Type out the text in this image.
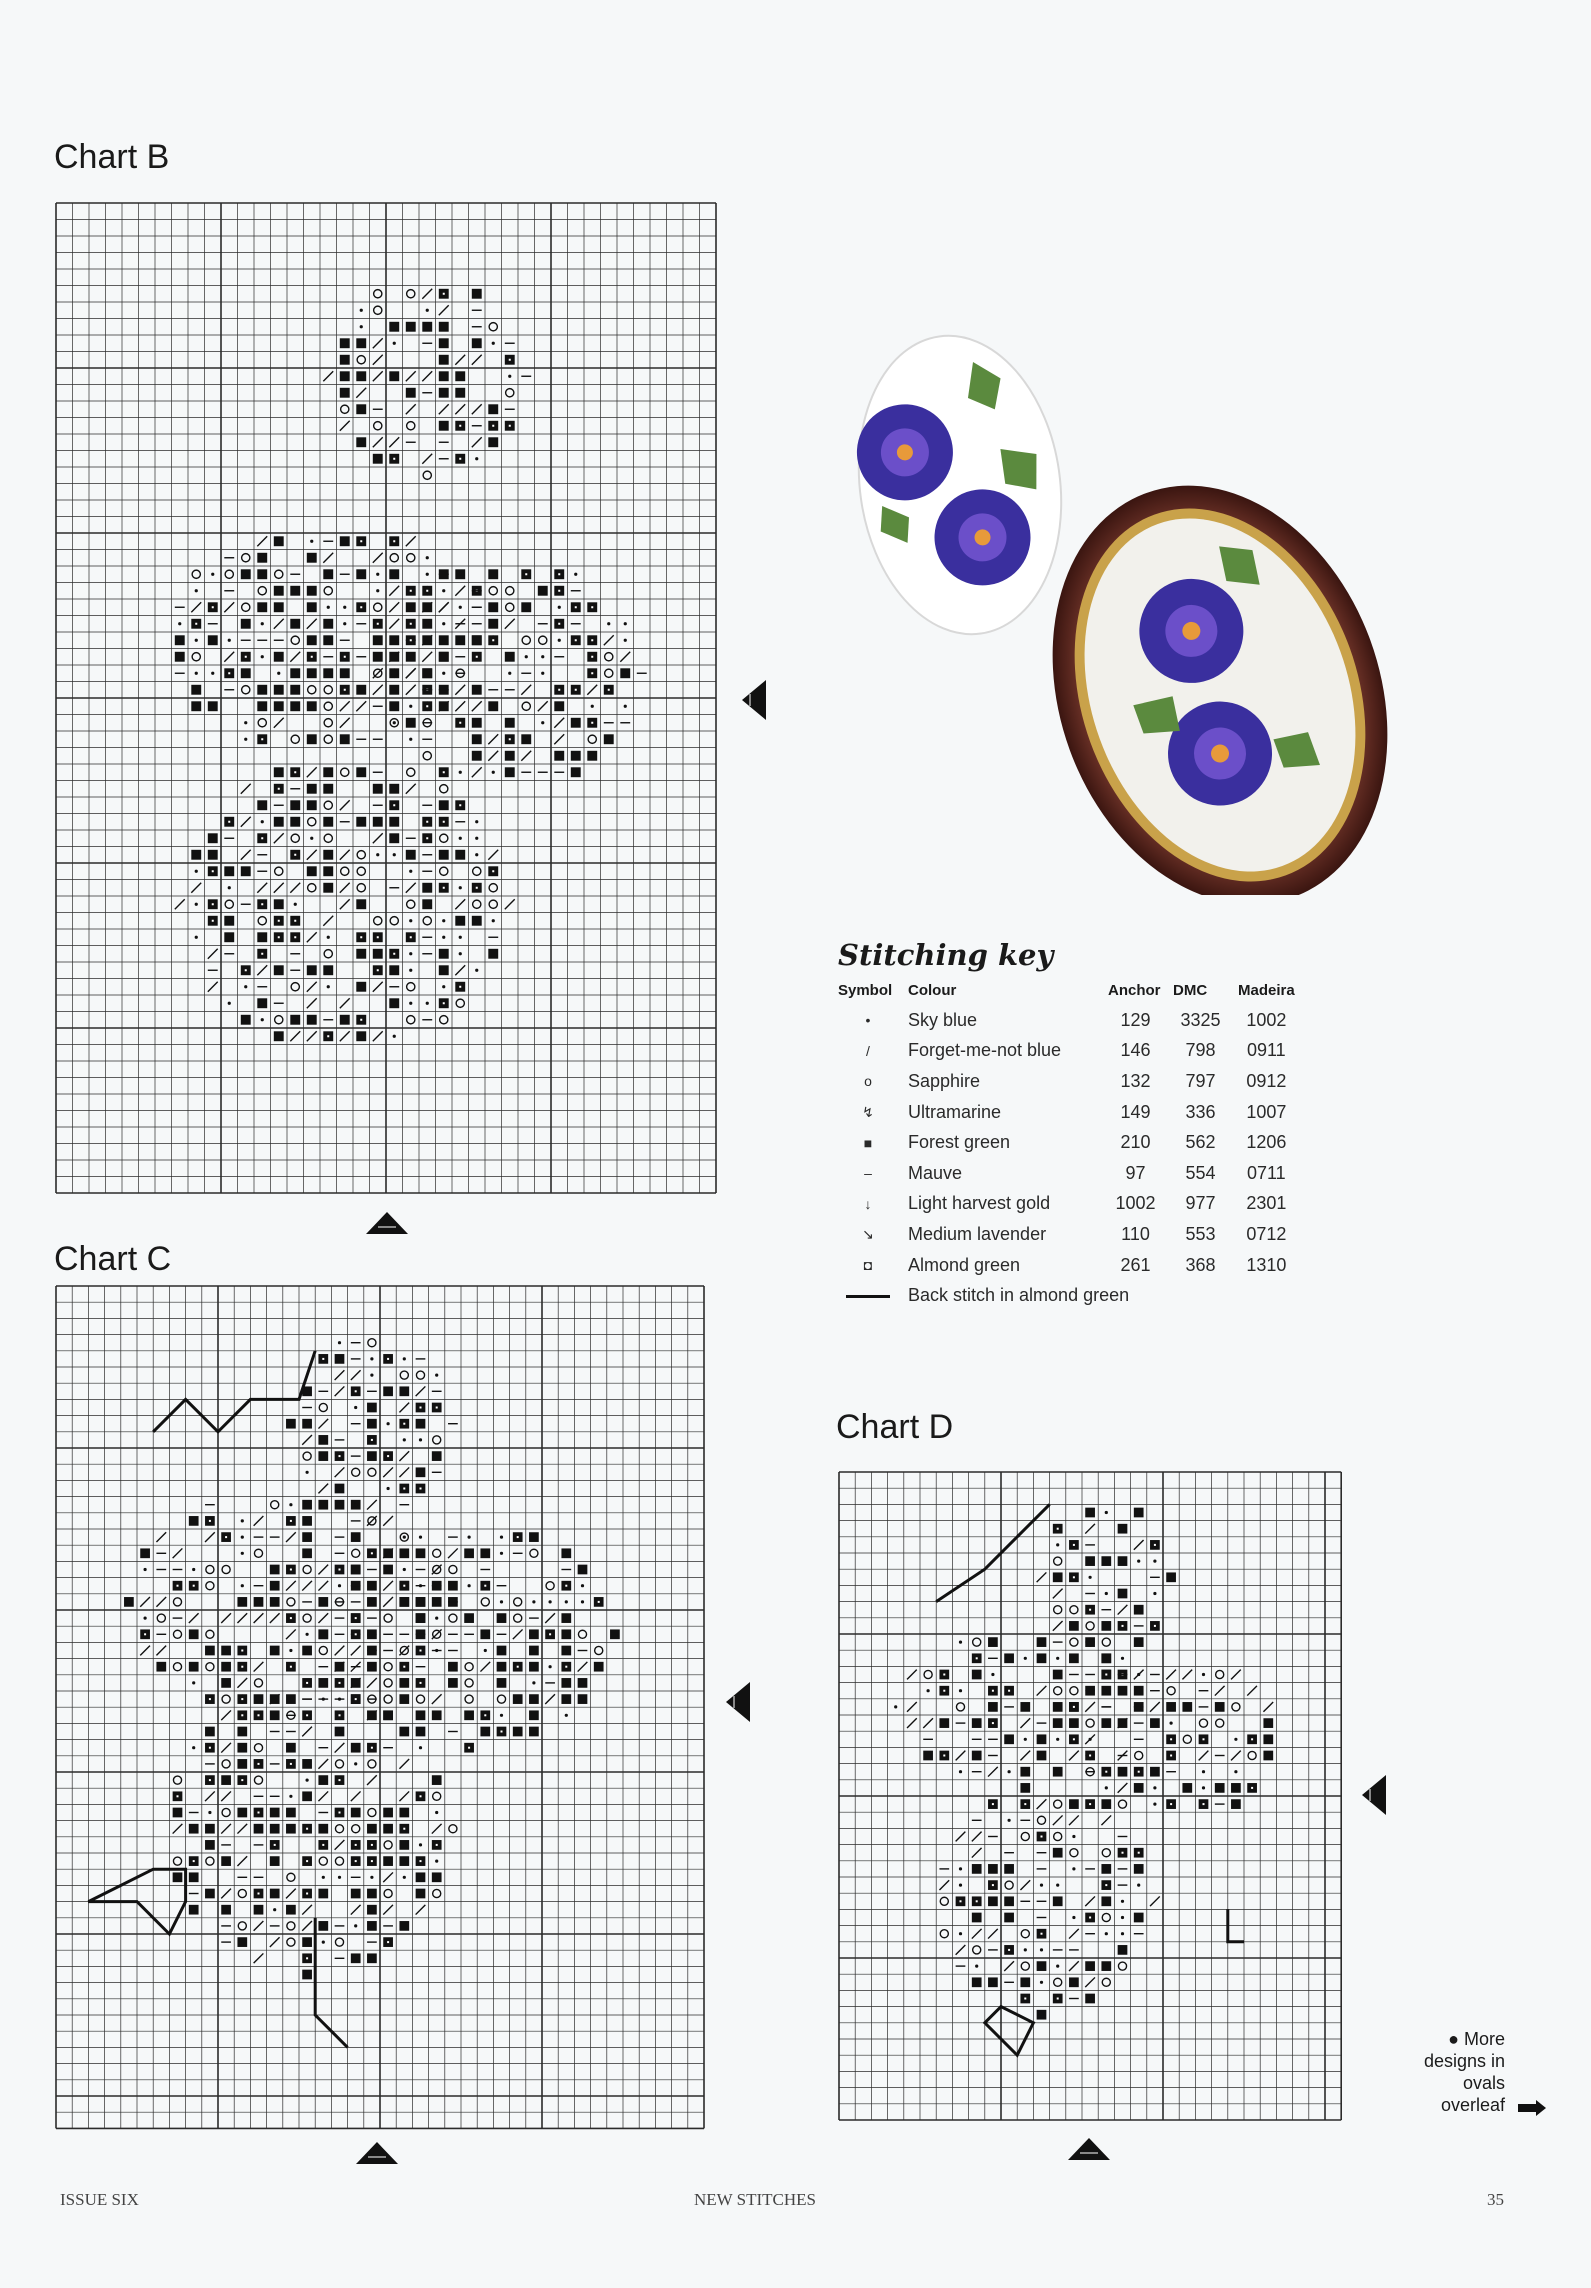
Chart B
Chart C
Chart D
Stitching key
Symbol	Colour	Anchor	DMC	Madeira
•	Sky blue	129	3325	1002
/	Forget-me-not blue	146	798	0911
o	Sapphire	132	797	0912
↯	Ultramarine	149	336	1007
■	Forest green	210	562	1206
–	Mauve	97	554	0711
↓	Light harvest gold	1002	977	2301
↘	Medium lavender	110	553	0712
◘	Almond green	261	368	1310
	Back stitch in almond green			
● More
designs in
ovals
overleaf
ISSUE SIX	NEW STITCHES	35
